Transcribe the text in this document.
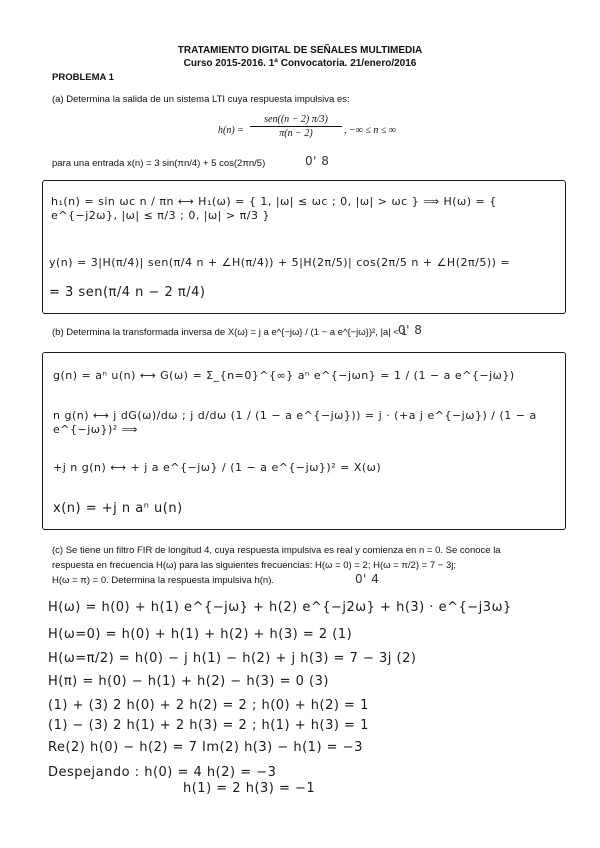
TRATAMIENTO DIGITAL DE SEÑALES MULTIMEDIA
Curso 2015-2016. 1ª Convocatoria. 21/enero/2016
PROBLEMA 1
(a) Determina la salida de un sistema LTI cuya respuesta impulsiva es:
h(n) =
sen((n − 2) π/3)
π(n − 2)	, −∞ ≤ n ≤ ∞
para una entrada x(n) = 3 sin(πn/4) + 5 cos(2πn/5)	0' 8
h₁(n) = sin ωc n / πn ⟷ H₁(ω) = { 1, |ω| ≤ ωc ; 0, |ω| > ωc } ⟹ H(ω) = { e^{−j2ω}, |ω| ≤ π/3 ; 0, |ω| > π/3 }
y(n) = 3|H(π/4)| sen(π/4 n + ∠H(π/4)) + 5|H(2π/5)| cos(2π/5 n + ∠H(2π/5)) =
= 3 sen(π/4 n − 2 π/4)
(b) Determina la transformada inversa de X(ω) = j a e^{−jω} / (1 − a e^{−jω})², |a| < 1
0' 8
g(n) = aⁿ u(n) ⟷ G(ω) = Σ_{n=0}^{∞} aⁿ e^{−jωn} = 1 / (1 − a e^{−jω})
n g(n) ⟷ j dG(ω)/dω ; j d/dω (1 / (1 − a e^{−jω})) = j · (+a j e^{−jω}) / (1 − a e^{−jω})² ⟹
+j n g(n) ⟷ + j a e^{−jω} / (1 − a e^{−jω})² = X(ω)
x(n) = +j n aⁿ u(n)
(c) Se tiene un filtro FIR de longitud 4, cuya respuesta impulsiva es real y comienza en n = 0. Se conoce la
respuesta en frecuencia H(ω) para las siguientes frecuencias: H(ω = 0) = 2; H(ω = π/2) = 7 − 3j;
H(ω = π) = 0. Determina la respuesta impulsiva h(n).	0' 4
H(ω) = h(0) + h(1) e^{−jω} + h(2) e^{−j2ω} + h(3) · e^{−j3ω}
H(ω=0) = h(0) + h(1) + h(2) + h(3) = 2 (1)
H(ω=π/2) = h(0) − j h(1) − h(2) + j h(3) = 7 − 3j (2)
H(π) = h(0) − h(1) + h(2) − h(3) = 0 (3)
(1) + (3) 2 h(0) + 2 h(2) = 2 ; h(0) + h(2) = 1
(1) − (3) 2 h(1) + 2 h(3) = 2 ; h(1) + h(3) = 1
Re(2) h(0) − h(2) = 7 Im(2) h(3) − h(1) = −3
Despejando : h(0) = 4 h(2) = −3
h(1) = 2 h(3) = −1
